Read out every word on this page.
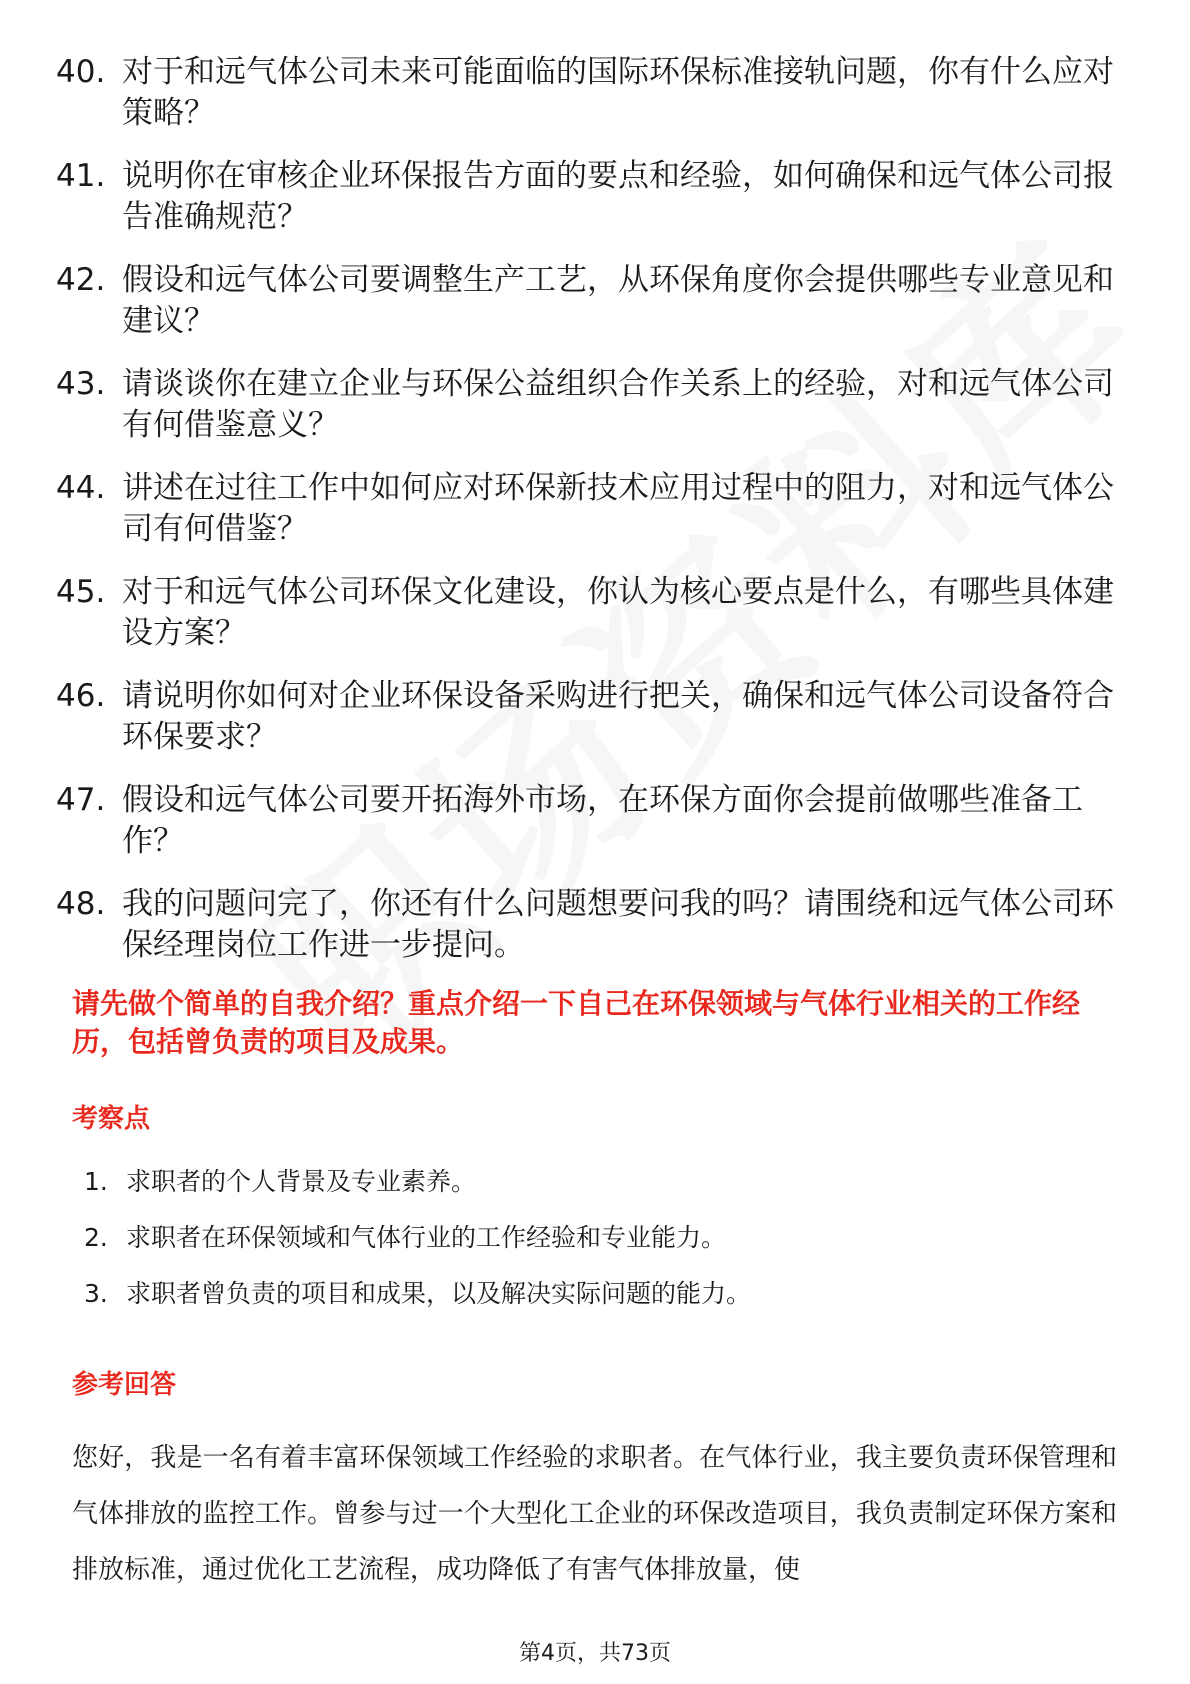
40. 对于和远气体公司未来可能面临的国际环保标准接轨问题，你有什么应对策略？
41. 说明你在审核企业环保报告方面的要点和经验，如何确保和远气体公司报告准确规范？
42. 假设和远气体公司要调整生产工艺，从环保角度你会提供哪些专业意见和建议？
43. 请谈谈你在建立企业与环保公益组织合作关系上的经验，对和远气体公司有何借鉴意义？
44. 讲述在过往工作中如何应对环保新技术应用过程中的阻力，对和远气体公司有何借鉴？
45. 对于和远气体公司环保文化建设，你认为核心要点是什么，有哪些具体建设方案？
46. 请说明你如何对企业环保设备采购进行把关，确保和远气体公司设备符合环保要求？
47. 假设和远气体公司要开拓海外市场，在环保方面你会提前做哪些准备工作？
48. 我的问题问完了，你还有什么问题想要问我的吗？请围绕和远气体公司环保经理岗位工作进一步提问。
请先做个简单的自我介绍？重点介绍一下自己在环保领域与气体行业相关的工作经历，包括曾负责的项目及成果。
考察点
1. 求职者的个人背景及专业素养。
2. 求职者在环保领域和气体行业的工作经验和专业能力。
3. 求职者曾负责的项目和成果，以及解决实际问题的能力。
参考回答
您好，我是一名有着丰富环保领域工作经验的求职者。在气体行业，我主要负责环保管理和气体排放的监控工作。曾参与过一个大型化工企业的环保改造项目，我负责制定环保方案和排放标准，通过优化工艺流程，成功降低了有害气体排放量，使
第4页，共73页
